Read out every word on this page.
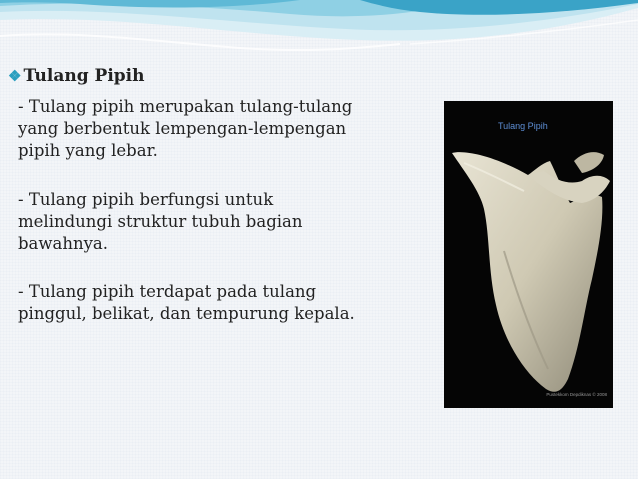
❖ Tulang Pipih
- Tulang pipih merupakan tulang-tulang
yang berbentuk lempengan-lempengan
pipih yang lebar.
- Tulang pipih berfungsi untuk
melindungi struktur tubuh bagian
bawahnya.
- Tulang pipih terdapat pada tulang
pinggul, belikat, dan tempurung kepala.
Tulang Pipih
Pustekkom Depdiknas © 2008
